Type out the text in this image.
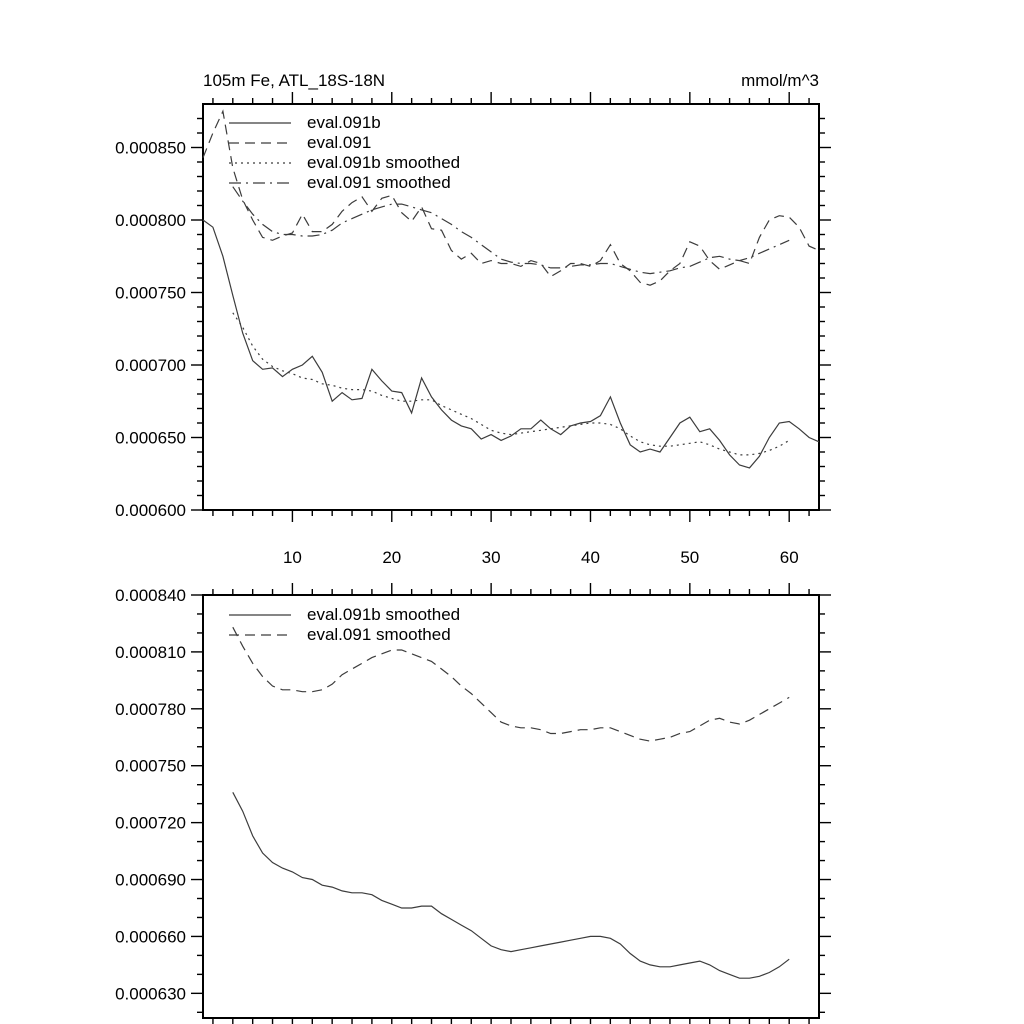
10	20	30	40	50	60
0.000600
0.000650
0.000700
0.000750
0.000800
0.000850
0.000630
0.000660
0.000690
0.000720
0.000750
0.000780
0.000810
0.000840
105m Fe, ATL_18S-18N	mmol/m^3
eval.091b
eval.091
eval.091b smoothed
eval.091 smoothed
eval.091b smoothed
eval.091 smoothed
